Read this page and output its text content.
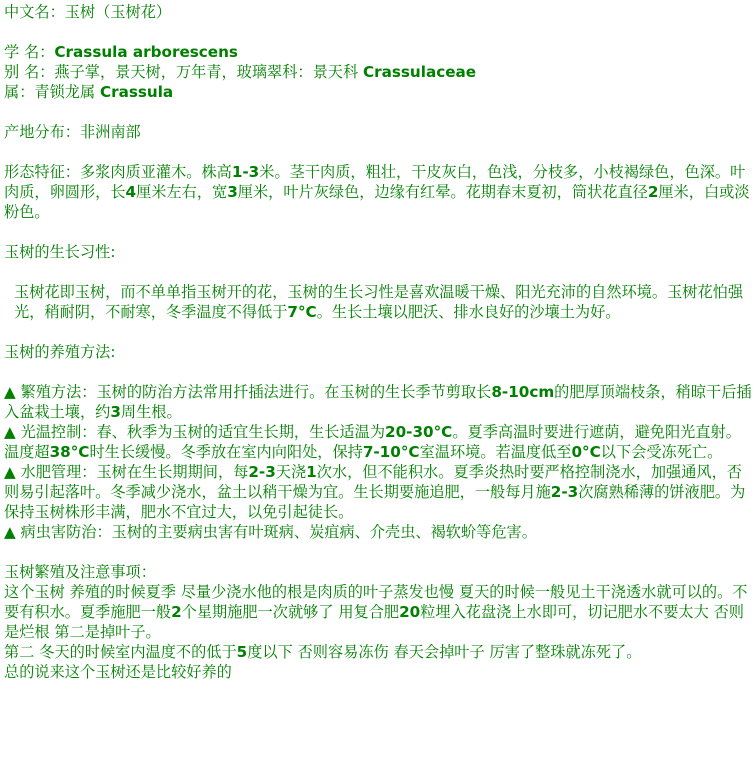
中文名：玉树（玉树花）

学 名：Crassula arborescens

别 名：燕子掌，景天树，万年青，玻璃翠科：景天科 Crassulaceae

属：青锁龙属 Crassula

产地分布：非洲南部

形态特征：多浆肉质亚灌木。株高1-3米。茎干肉质，粗壮，干皮灰白，色浅，分枝多，小枝褐绿色，色深。叶肉质，卵圆形，长4厘米左右，宽3厘米，叶片灰绿色，边缘有红晕。花期春末夏初，筒状花直径2厘米，白或淡粉色。

玉树的生长习性:

玉树花即玉树，而不单单指玉树开的花，玉树的生长习性是喜欢温暖干燥、阳光充沛的自然环境。玉树花怕强光，稍耐阴，不耐寒，冬季温度不得低于7°C。生长土壤以肥沃、排水良好的沙壤土为好。

玉树的养殖方法:

▲ 繁殖方法：玉树的防治方法常用扦插法进行。在玉树的生长季节剪取长8-10cm的肥厚顶端枝条，稍晾干后插入盆栽土壤，约3周生根。

▲ 光温控制：春、秋季为玉树的适宜生长期，生长适温为20-30°C。夏季高温时要进行遮荫，避免阳光直射。温度超38°C时生长缓慢。冬季放在室内向阳处，保持7-10°C室温环境。若温度低至0°C以下会受冻死亡。

▲ 水肥管理：玉树在生长期期间，每2-3天浇1次水，但不能积水。夏季炎热时要严格控制浇水，加强通风，否则易引起落叶。冬季减少浇水，盆土以稍干燥为宜。生长期要施追肥，一般每月施2-3次腐熟稀薄的饼液肥。为保持玉树株形丰满，肥水不宜过大，以免引起徒长。

▲ 病虫害防治：玉树的主要病虫害有叶斑病、炭疽病、介壳虫、褐软蚧等危害。

玉树繁殖及注意事项：

这个玉树 养殖的时候夏季 尽量少浇水他的根是肉质的叶子蒸发也慢 夏天的时候一般见土干浇透水就可以的。不要有积水。夏季施肥一般2个星期施肥一次就够了 用复合肥20粒埋入花盘浇上水即可，切记肥水不要太大 否则是烂根 第二是掉叶子。

第二 冬天的时候室内温度不的低于5度以下 否则容易冻伤 春天会掉叶子 厉害了整珠就冻死了。

总的说来这个玉树还是比较好养的
